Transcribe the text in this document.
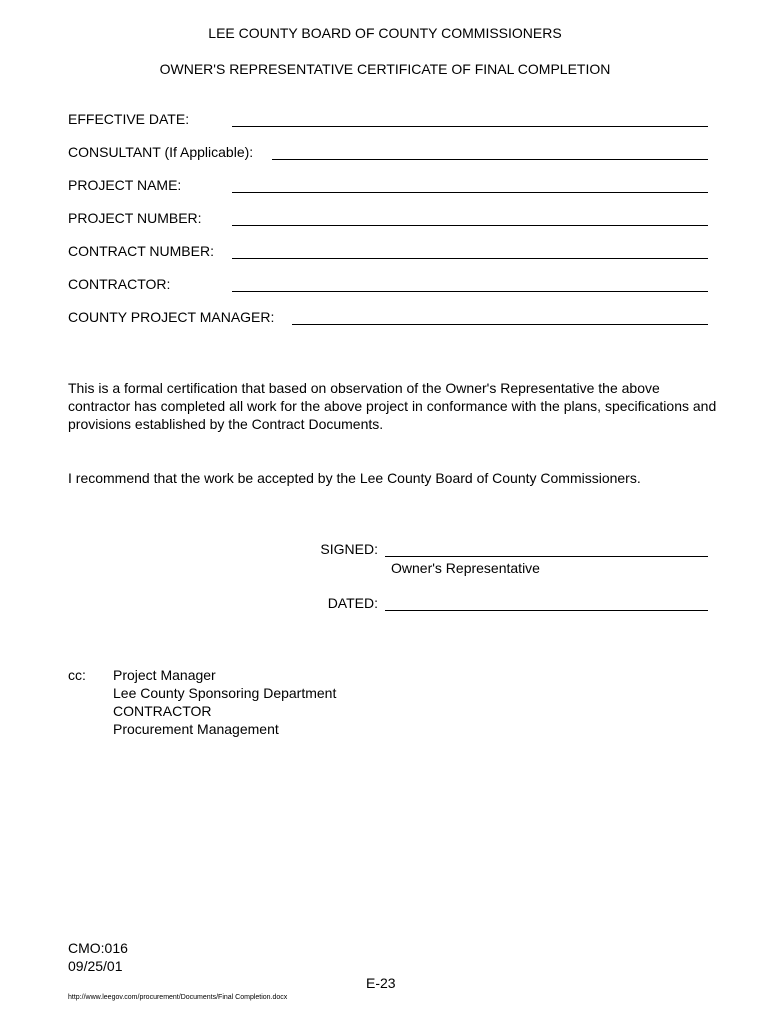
LEE COUNTY BOARD OF COUNTY COMMISSIONERS
OWNER'S REPRESENTATIVE CERTIFICATE OF FINAL COMPLETION
EFFECTIVE DATE:
CONSULTANT (If Applicable):
PROJECT NAME:
PROJECT NUMBER:
CONTRACT NUMBER:
CONTRACTOR:
COUNTY PROJECT MANAGER:
This is a formal certification that based on observation of the Owner's Representative the above contractor has completed all work for the above project in conformance with the plans, specifications and provisions established by the Contract Documents.
I recommend that the work be accepted by the Lee County Board of County Commissioners.
SIGNED:
Owner's Representative
DATED:
cc: Project Manager
Lee County Sponsoring Department
CONTRACTOR
Procurement Management
CMO:016
09/25/01
E-23
http://www.leegov.com/procurement/Documents/Final Completion.docx
